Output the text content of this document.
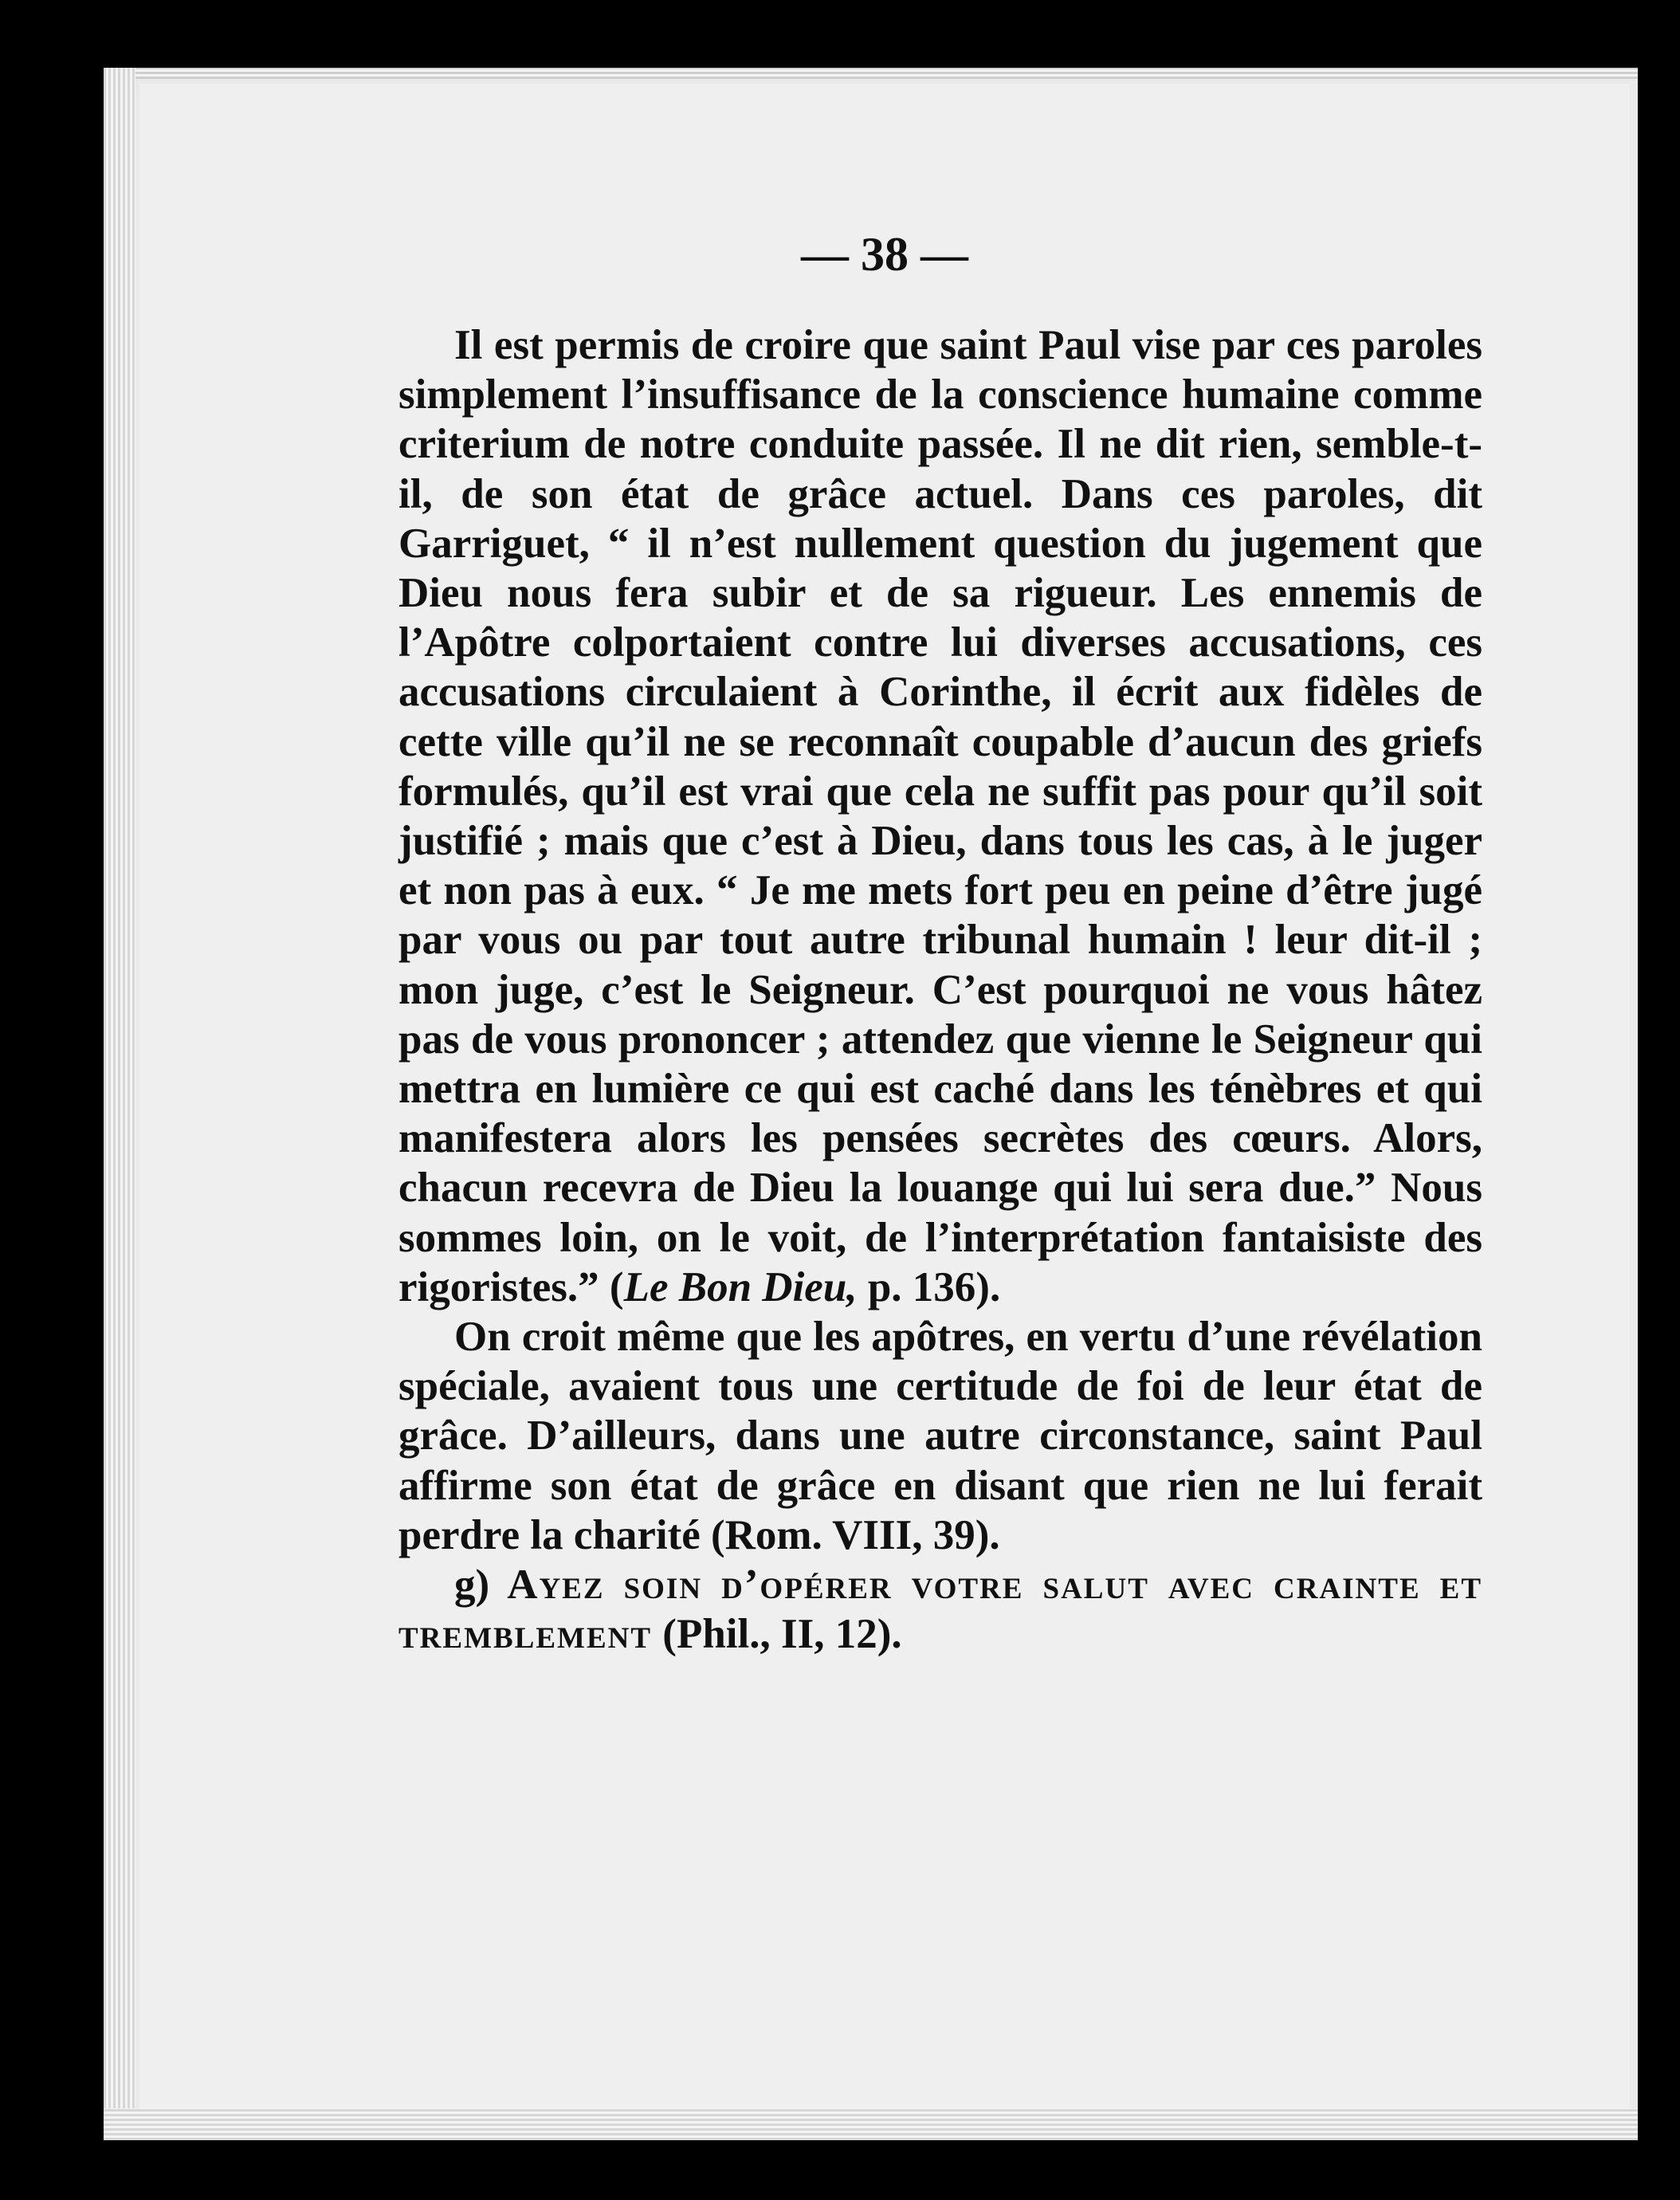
— 38 —

Il est permis de croire que saint Paul vise par ces paroles simplement l’insuffisance de la conscience humaine comme criterium de notre conduite passée. Il ne dit rien, semble-t-il, de son état de grâce actuel. Dans ces paroles, dit Garriguet, “ il n’est nullement question du jugement que Dieu nous fera subir et de sa rigueur. Les ennemis de l’Apôtre colportaient contre lui diverses accusations, ces accusations circulaient à Corinthe, il écrit aux fidèles de cette ville qu’il ne se reconnaît coupable d’aucun des griefs formulés, qu’il est vrai que cela ne suffit pas pour qu’il soit justifié ; mais que c’est à Dieu, dans tous les cas, à le juger et non pas à eux. “ Je me mets fort peu en peine d’être jugé par vous ou par tout autre tribunal humain ! leur dit-il ; mon juge, c’est le Seigneur. C’est pourquoi ne vous hâtez pas de vous prononcer ; attendez que vienne le Seigneur qui mettra en lumière ce qui est caché dans les ténèbres et qui manifestera alors les pensées secrètes des cœurs. Alors, chacun recevra de Dieu la louange qui lui sera due.” Nous sommes loin, on le voit, de l’interprétation fantaisiste des rigoristes.” (Le Bon Dieu, p. 136).

On croit même que les apôtres, en vertu d’une révélation spéciale, avaient tous une certitude de foi de leur état de grâce. D’ailleurs, dans une autre circonstance, saint Paul affirme son état de grâce en disant que rien ne lui ferait perdre la charité (Rom. VIII, 39).

g) Ayez soin d’opérer votre salut avec crainte et tremblement (Phil., II, 12).
